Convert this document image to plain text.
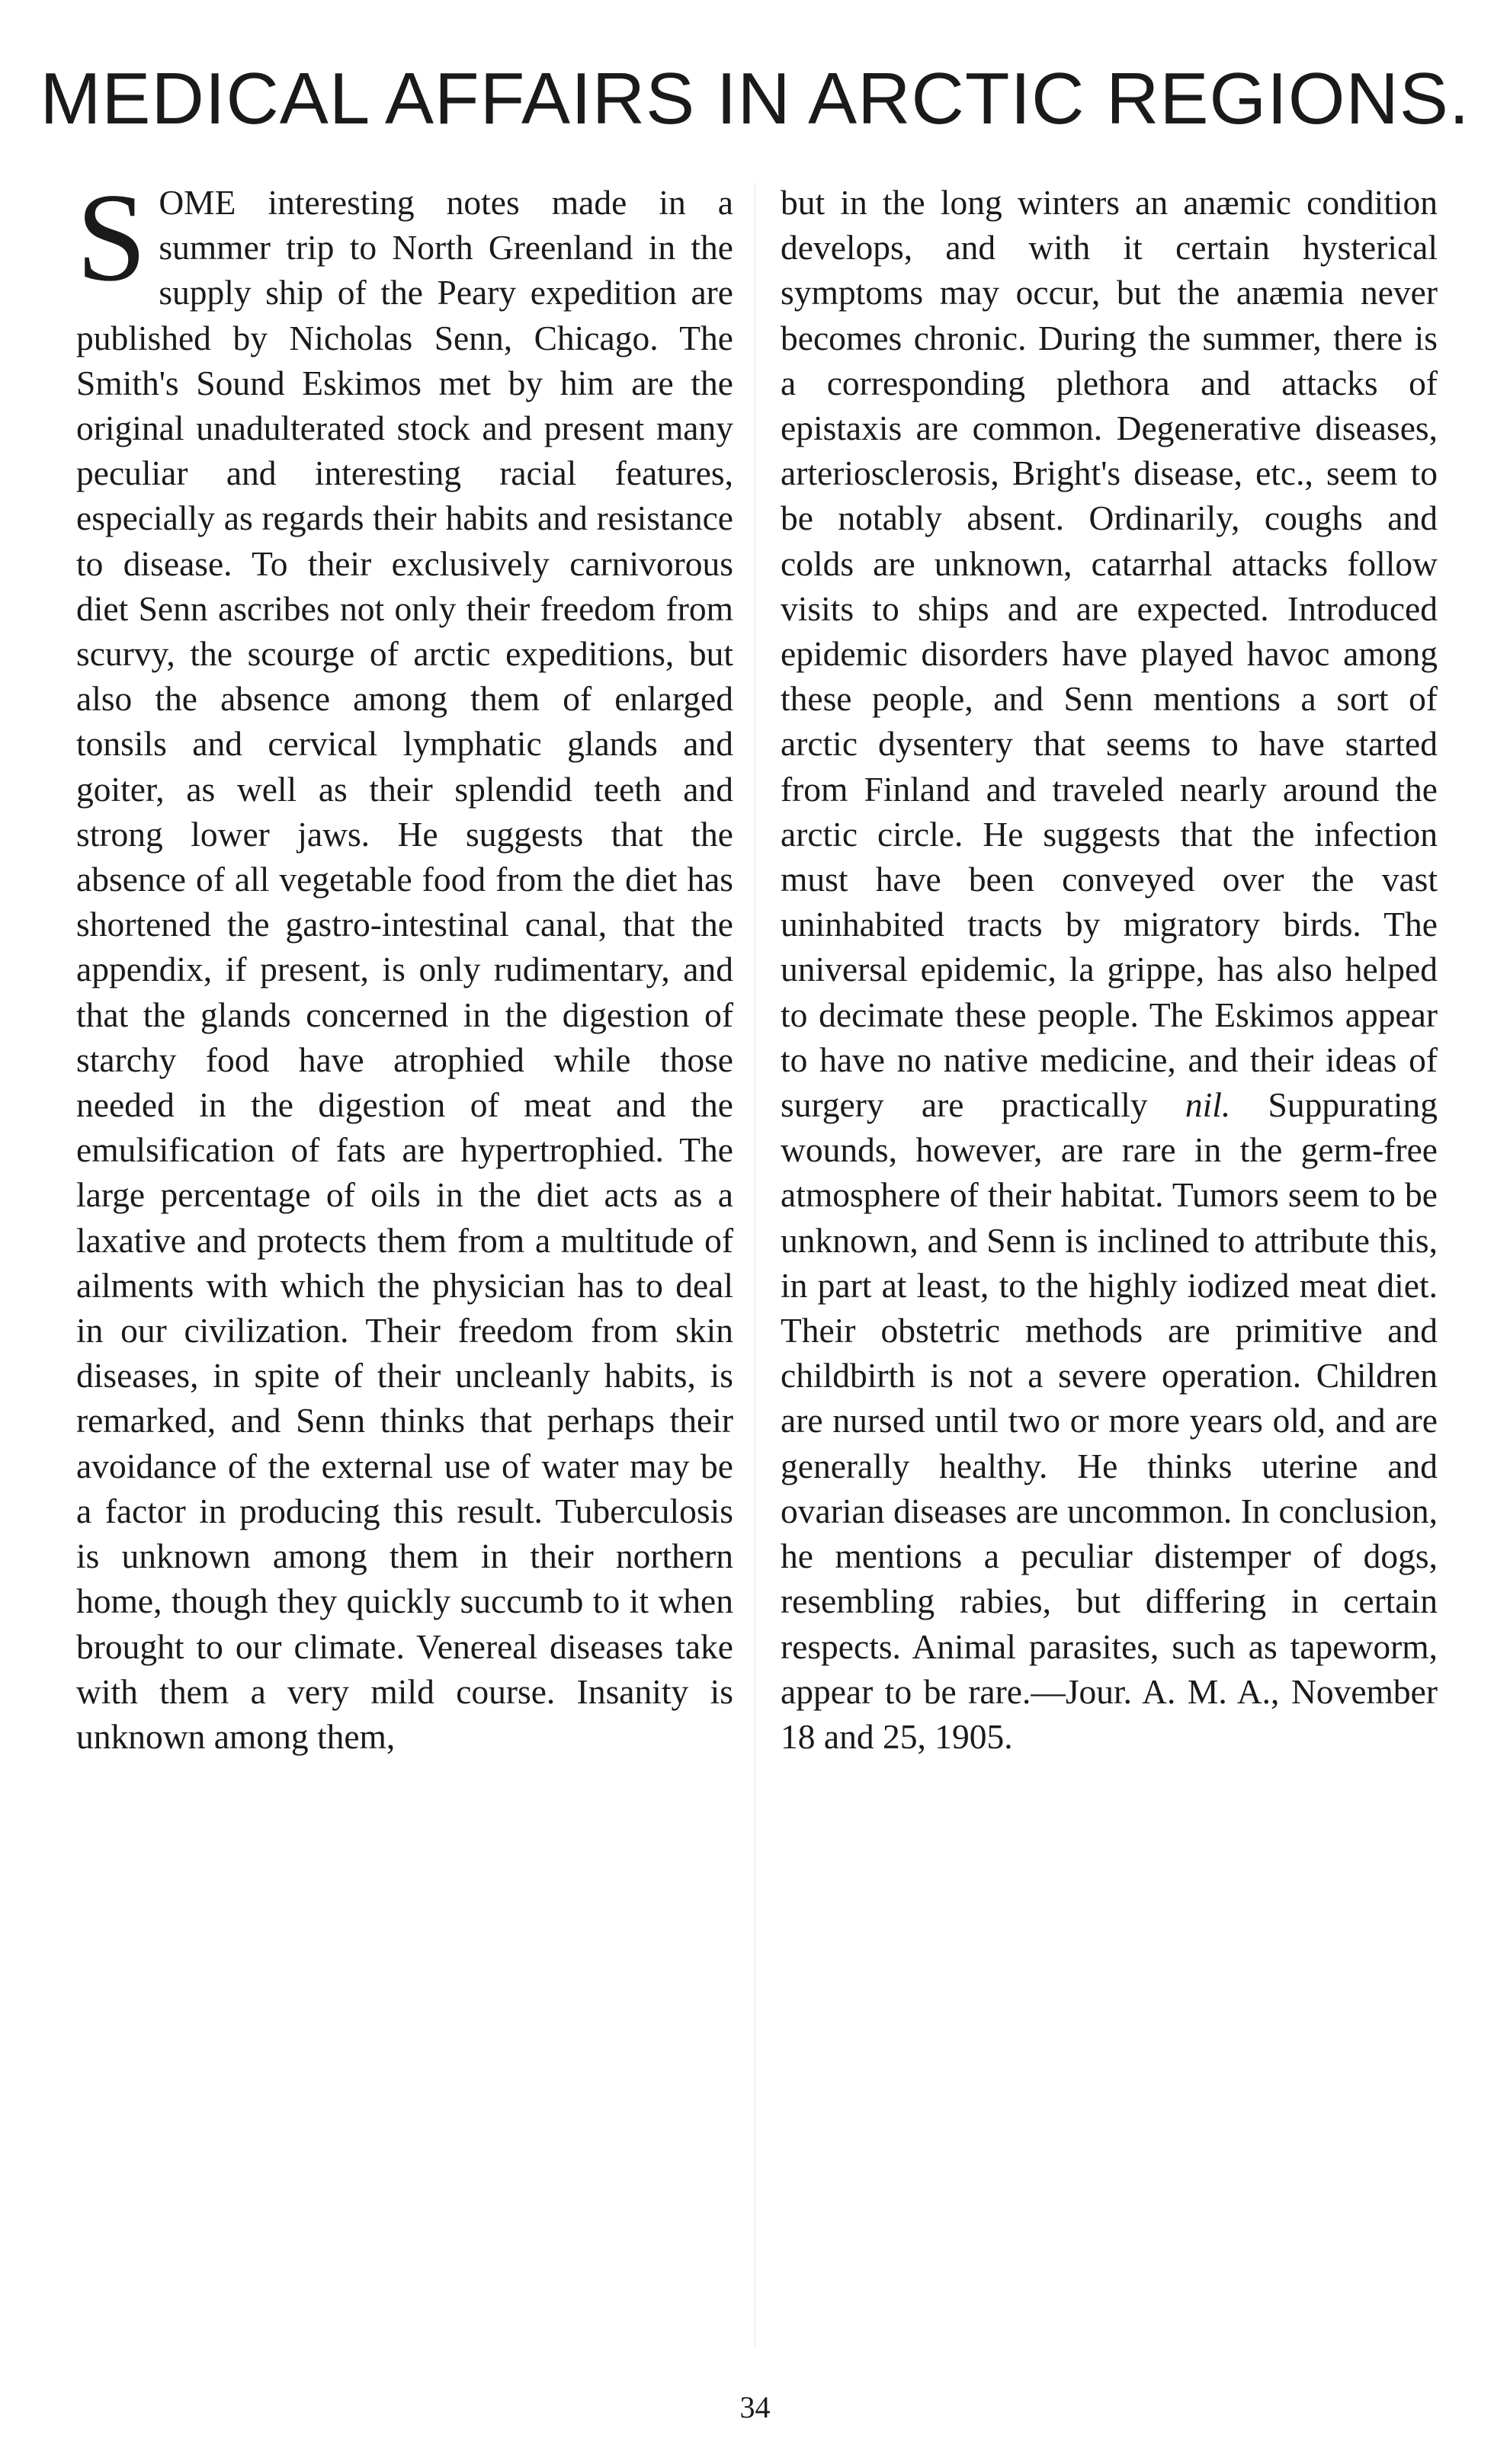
MEDICAL AFFAIRS IN ARCTIC REGIONS.

SOME interesting notes made in a summer trip to North Greenland in the supply ship of the Peary expedition are published by Nicholas Senn, Chicago. The Smith's Sound Eskimos met by him are the original unadulterated stock and present many peculiar and interesting racial features, especially as regards their habits and resistance to disease. To their exclusively carnivorous diet Senn ascribes not only their freedom from scurvy, the scourge of arctic expeditions, but also the absence among them of enlarged tonsils and cervical lymphatic glands and goiter, as well as their splendid teeth and strong lower jaws. He suggests that the absence of all vegetable food from the diet has shortened the gastro-intestinal canal, that the appendix, if present, is only rudimentary, and that the glands concerned in the digestion of starchy food have atrophied while those needed in the digestion of meat and the emulsification of fats are hypertrophied. The large percentage of oils in the diet acts as a laxative and protects them from a multitude of ailments with which the physician has to deal in our civilization. Their freedom from skin diseases, in spite of their uncleanly habits, is remarked, and Senn thinks that perhaps their avoidance of the external use of water may be a factor in producing this result. Tuberculosis is unknown among them in their northern home, though they quickly succumb to it when brought to our climate. Venereal diseases take with them a very mild course. Insanity is unknown among them,

but in the long winters an anæmic condition develops, and with it certain hysterical symptoms may occur, but the anæmia never becomes chronic. During the summer, there is a corresponding plethora and attacks of epistaxis are common. Degenerative diseases, arteriosclerosis, Bright's disease, etc., seem to be notably absent. Ordinarily, coughs and colds are unknown, catarrhal attacks follow visits to ships and are expected. Introduced epidemic disorders have played havoc among these people, and Senn mentions a sort of arctic dysentery that seems to have started from Finland and traveled nearly around the arctic circle. He suggests that the infection must have been conveyed over the vast uninhabited tracts by migratory birds. The universal epidemic, la grippe, has also helped to decimate these people. The Eskimos appear to have no native medicine, and their ideas of surgery are practically nil. Suppurating wounds, however, are rare in the germ-free atmosphere of their habitat. Tumors seem to be unknown, and Senn is inclined to attribute this, in part at least, to the highly iodized meat diet. Their obstetric methods are primitive and childbirth is not a severe operation. Children are nursed until two or more years old, and are generally healthy. He thinks uterine and ovarian diseases are uncommon. In conclusion, he mentions a peculiar distemper of dogs, resembling rabies, but differing in certain respects. Animal parasites, such as tapeworm, appear to be rare.—Jour. A. M. A., November 18 and 25, 1905.

34
